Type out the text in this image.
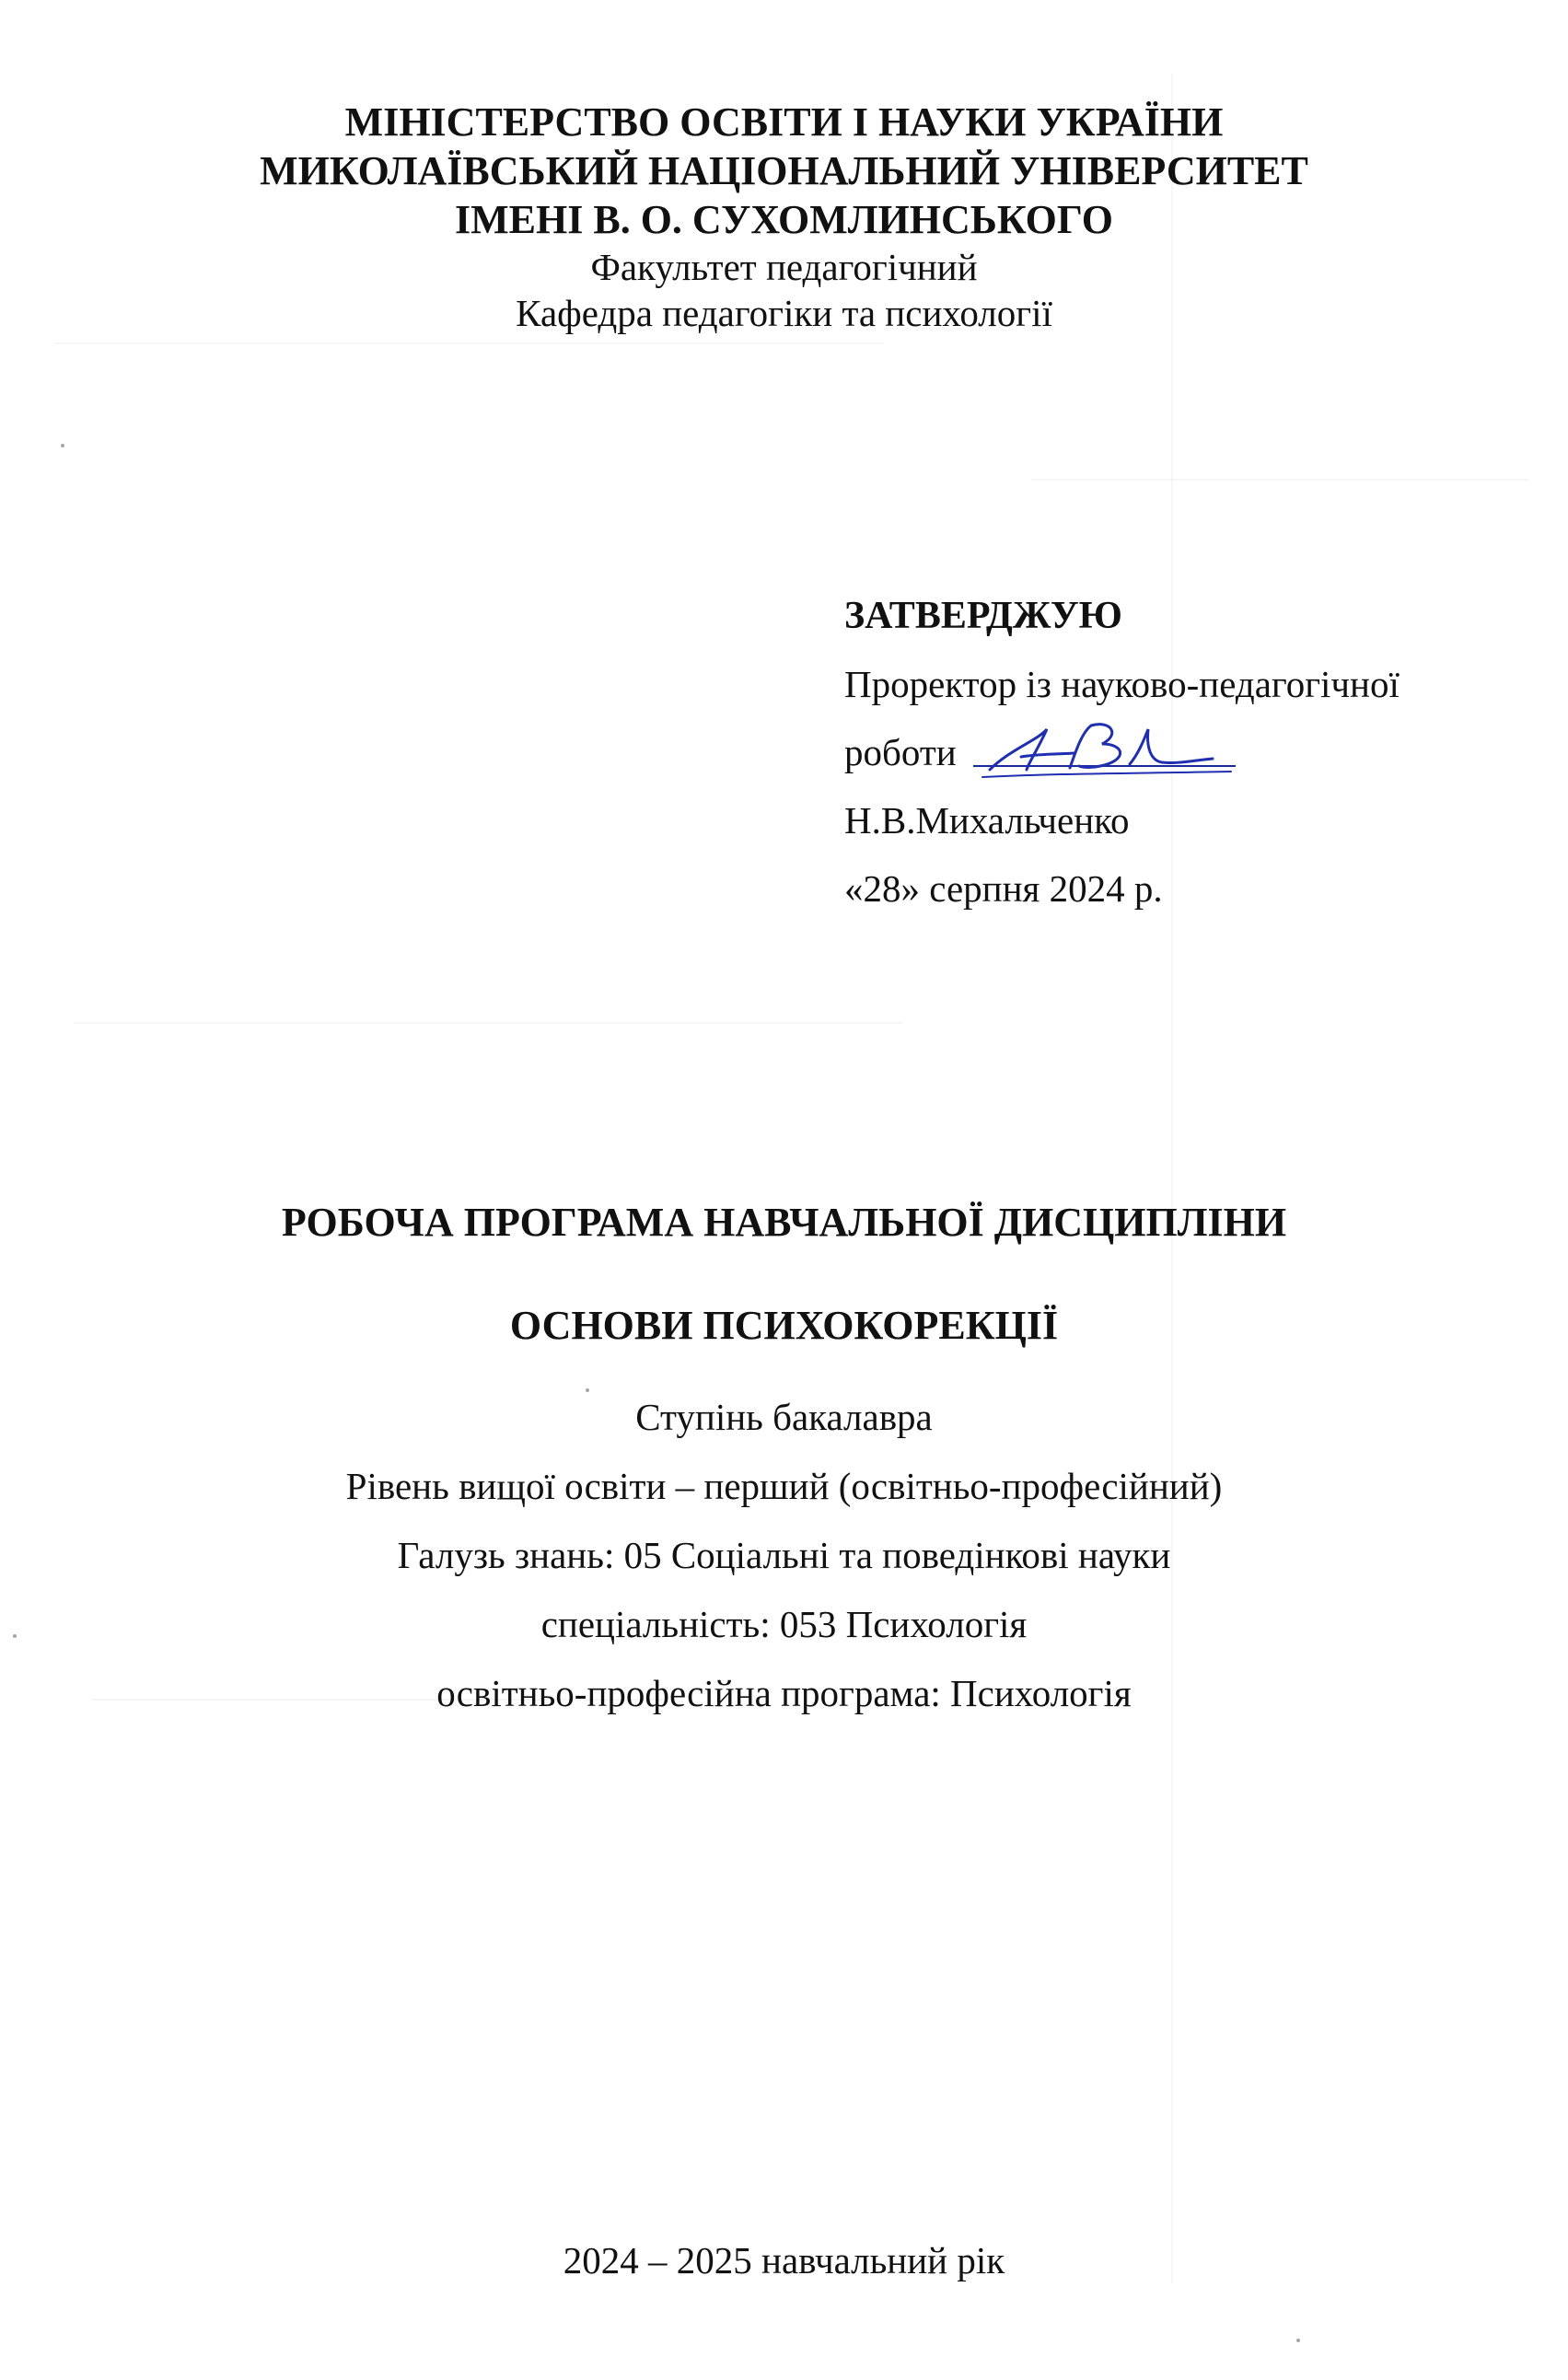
МІНІСТЕРСТВО ОСВІТИ І НАУКИ УКРАЇНИ
МИКОЛАЇВСЬКИЙ НАЦІОНАЛЬНИЙ УНІВЕРСИТЕТ
ІМЕНІ В. О. СУХОМЛИНСЬКОГО
Факультет педагогічний
Кафедра педагогіки та психології
ЗАТВЕРДЖУЮ
Проректор із науково-педагогічної
роботи
Н.В.Михальченко
«28» серпня 2024 р.
РОБОЧА ПРОГРАМА НАВЧАЛЬНОЇ ДИСЦИПЛІНИ
ОСНОВИ ПСИХОКОРЕКЦІЇ
Ступінь бакалавра
Рівень вищої освіти – перший (освітньо-професійний)
Галузь знань: 05 Соціальні та поведінкові науки
спеціальність: 053 Психологія
освітньо-професійна програма: Психологія
2024 – 2025 навчальний рік
